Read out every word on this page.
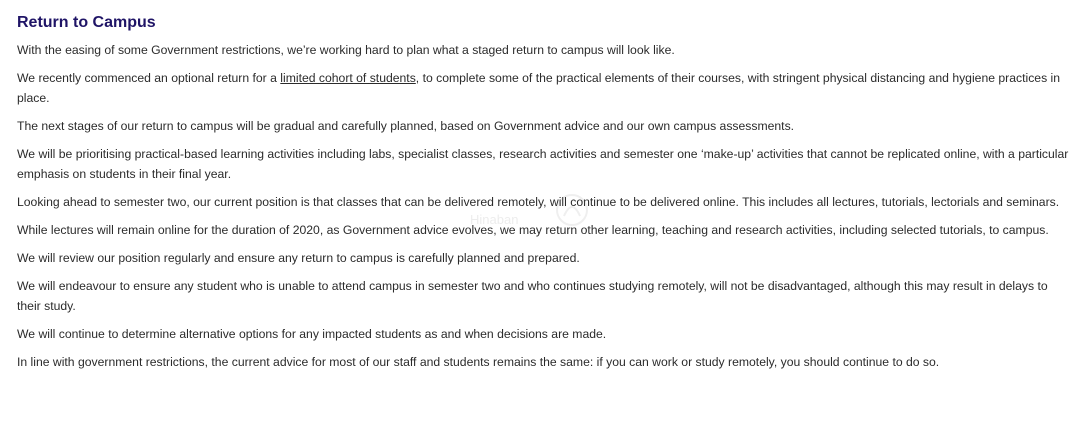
Return to Campus

With the easing of some Government restrictions, we’re working hard to plan what a staged return to campus will look like.

We recently commenced an optional return for a limited cohort of students, to complete some of the practical elements of their courses, with stringent physical distancing and hygiene practices in place.

The next stages of our return to campus will be gradual and carefully planned, based on Government advice and our own campus assessments.

We will be prioritising practical-based learning activities including labs, specialist classes, research activities and semester one ‘make-up’ activities that cannot be replicated online, with a particular emphasis on students in their final year.

Looking ahead to semester two, our current position is that classes that can be delivered remotely, will continue to be delivered online. This includes all lectures, tutorials, lectorials and seminars.

While lectures will remain online for the duration of 2020, as Government advice evolves, we may return other learning, teaching and research activities, including selected tutorials, to campus.

We will review our position regularly and ensure any return to campus is carefully planned and prepared.

We will endeavour to ensure any student who is unable to attend campus in semester two and who continues studying remotely, will not be disadvantaged, although this may result in delays to their study.

We will continue to determine alternative options for any impacted students as and when decisions are made.

In line with government restrictions, the current advice for most of our staff and students remains the same: if you can work or study remotely, you should continue to do so.

Hinaban
